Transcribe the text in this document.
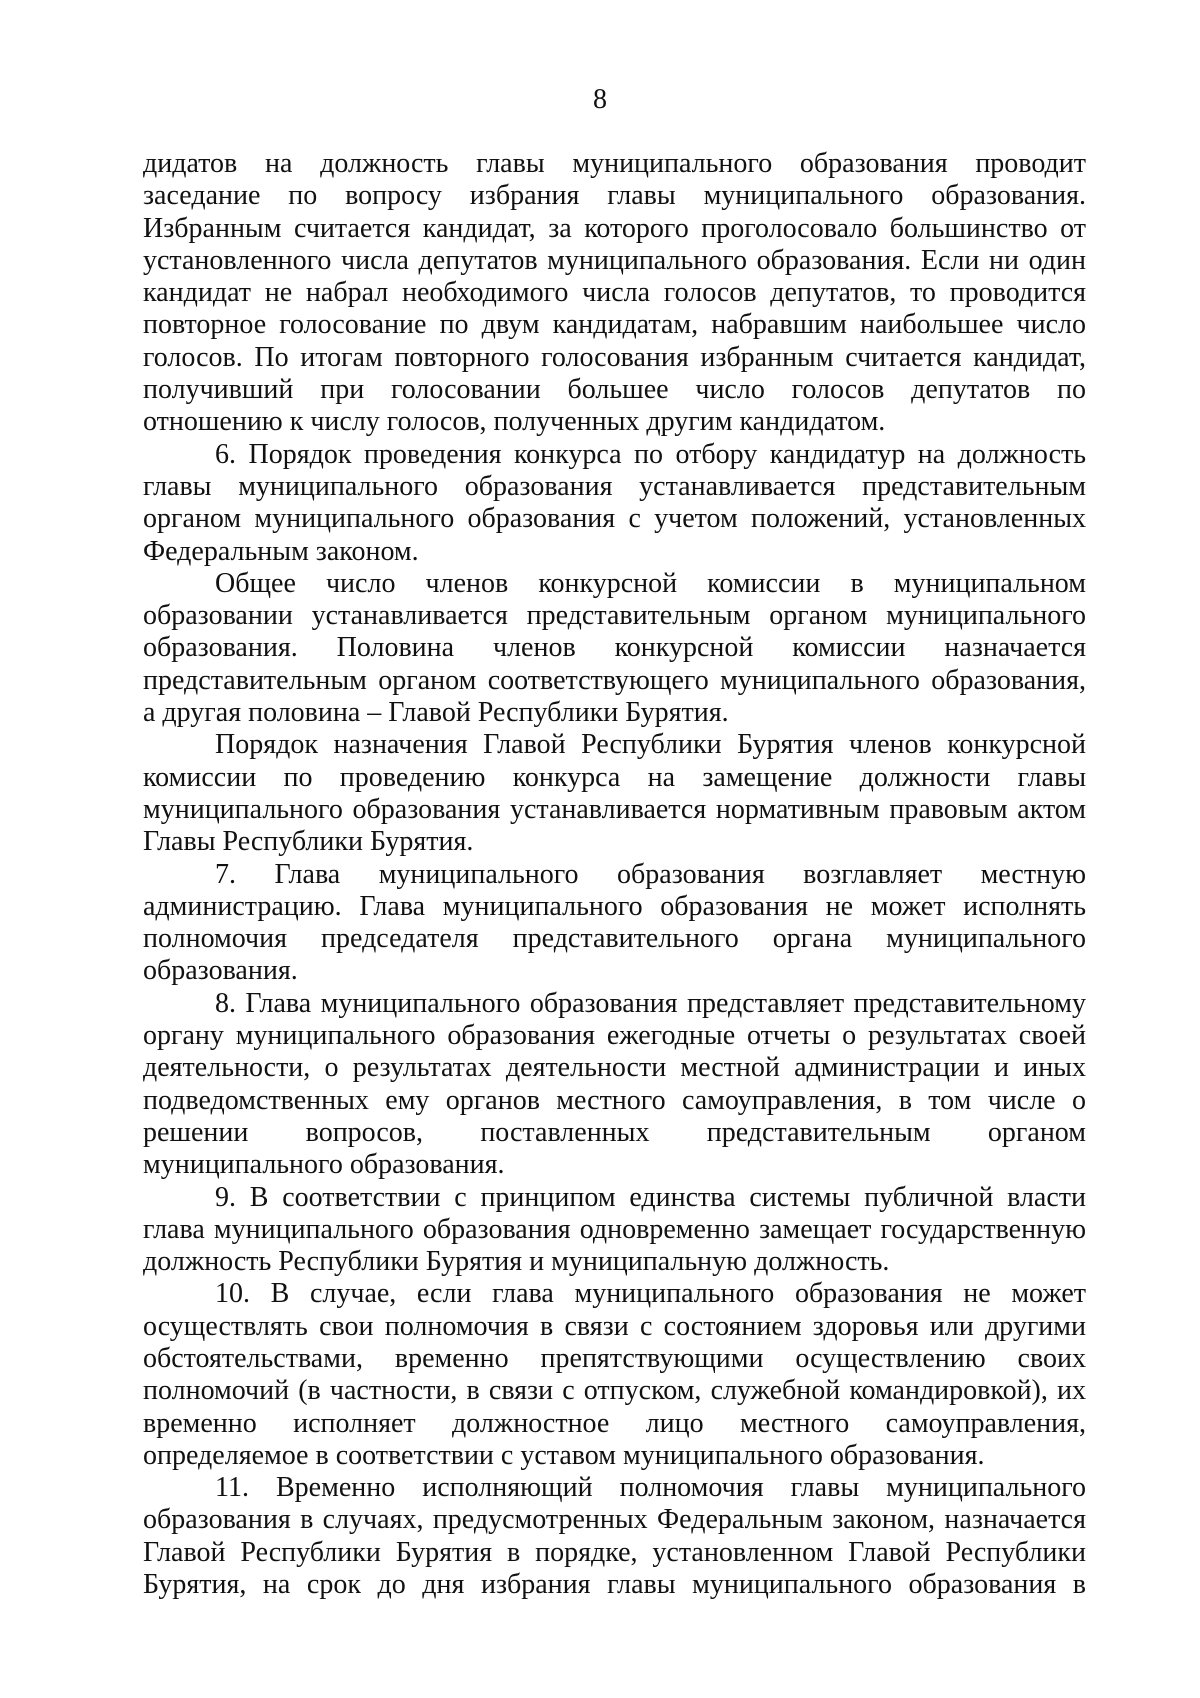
8

дидатов на должность главы муниципального образования проводит заседание по вопросу избрания главы муниципального образования. Избранным считается кандидат, за которого проголосовало большинство от установленного числа депутатов муниципального образования. Если ни один кандидат не набрал необходимого числа голосов депутатов, то проводится повторное голосование по двум кандидатам, набравшим наибольшее число голосов. По итогам повторного голосования избранным считается кандидат, получивший при голосовании большее число голосов депутатов по отношению к числу голосов, полученных другим кандидатом.

6. Порядок проведения конкурса по отбору кандидатур на должность главы муниципального образования устанавливается представительным органом муниципального образования с учетом положений, установленных Федеральным законом.

Общее число членов конкурсной комиссии в муниципальном образовании устанавливается представительным органом муниципального образования. Половина членов конкурсной комиссии назначается представительным органом соответствующего муниципального образования, а другая половина – Главой Республики Бурятия.

Порядок назначения Главой Республики Бурятия членов конкурсной комиссии по проведению конкурса на замещение должности главы муниципального образования устанавливается нормативным правовым актом Главы Республики Бурятия.

7. Глава муниципального образования возглавляет местную администрацию. Глава муниципального образования не может исполнять полномочия председателя представительного органа муниципального образования.

8. Глава муниципального образования представляет представительному органу муниципального образования ежегодные отчеты о результатах своей деятельности, о результатах деятельности местной администрации и иных подведомственных ему органов местного самоуправления, в том числе о решении вопросов, поставленных представительным органом муниципального образования.

9. В соответствии с принципом единства системы публичной власти глава муниципального образования одновременно замещает государственную должность Республики Бурятия и муниципальную должность.

10. В случае, если глава муниципального образования не может осуществлять свои полномочия в связи с состоянием здоровья или другими обстоятельствами, временно препятствующими осуществлению своих полномочий (в частности, в связи с отпуском, служебной командировкой), их временно исполняет должностное лицо местного самоуправления, определяемое в соответствии с уставом муниципального образования.

11. Временно исполняющий полномочия главы муниципального образования в случаях, предусмотренных Федеральным законом, назначается Главой Республики Бурятия в порядке, установленном Главой Республики Бурятия, на срок до дня избрания главы муниципального образования в
